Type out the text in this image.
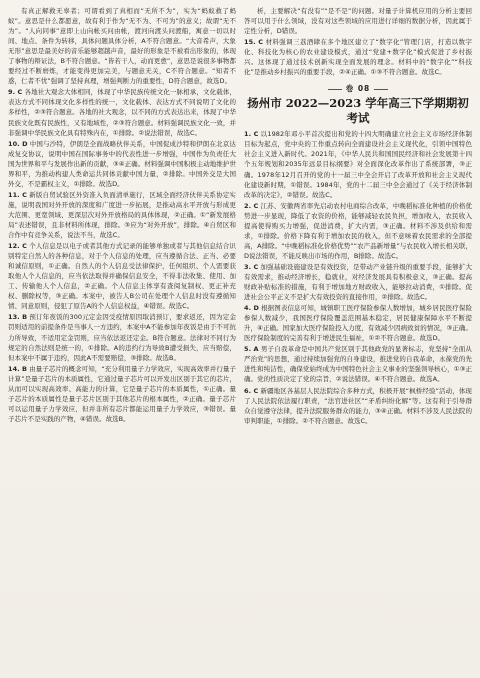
有真正解救无辜者；可谓看到了真相而“无所不为”，实为“蚂蚁救了蚂蚁”。意思是什么都愿意，故有利于作为“无不为、不可为”的意义；故谓“无不为”。“人向同事”意即上山向帐买问由帐，渡河向渡头问渡船，寓意一切以时间、地点、条件为转移，具体问题具体分析，A不符合题意。“大音希声，大象无形”意思是最美好的音乐能够超越声音，最好的形象是不被看出形象的，体现了事物的辩证法，B不符合题意。“皆若干人，动而更愈”，意思是说很多事物都要经过不断磨炼，才能变得更加完美，与题意无关，C不符合题意。“知者不惑，仁者不忧”强调了坚持真理，增强判断力的重要性，D符合题意，故选D。

9. C 各地社大观念大体相同，体现了中华民族传统文化一脉相承，文化载体，表达方式不同体现文化多样性的统一，文化载体、表达方式不同说明了文化的多样性，②③符合题意。各地的社大观念，以不同的方式表达出来，体现了中华民族文化既有民族性，又有地域性，②③符合题意。材料强调民族文化一致，并非强调中华民族文化具有特殊内在，①排除。②说法错误，故选C。

10. D 中国与沙特，伊朗是全面战略伙伴关系，中国促成沙特和伊朗在北京达成复交协议，说明中国在国际事务中的代表性进一步增强，中国作为负责任大国为世界和平与发展作出新的贡献，③④正确。材料强调中国积极主动地维护世界和平，为推动构建人类命运共同体贡献中国力量，②排除。中国外交是大国外交，不是霸权主义，①排除。故选D。

11. C 新版自贸试验区外资准入负面清单施行，区域全面经济伙伴关系协定实施，说明我国对外开放的深度和广度进一步拓展，是推动高水平开放与形成更大范围、更宽领域、更深层次对外开放格局的具体体现，②正确。①“新发展格局”表述错误，且非材料所体现，排除。③应为“对外开放”，排除。④自贸区和合作中有竞争关系，说法不当，故选C。

12. C 个人信息是以电子或者其他方式记录的能够单独或者与其他信息结合识别特定自然人的各种信息，对于个人信息的处理，应当遵循合法、正当、必要和诚信原则，①正确。自然人的个人信息受法律保护，任何组织、个人需要获取他人个人信息的，应当依法取得并确保信息安全，不得非法收集、使用、加工、传输他人个人信息，②正确。个人信息主体享有查阅复制权、更正补充权、删除权等，③正确。本案中，被告人B公司在处理个人信息时没有遵循知情、同意原则，侵犯了原告A的个人信息权益，④错误。故选C。

13. B 预订年夜饭的300元定金因受疫情原因取消预订，要求返还，因为定金罚则适用的前提条件是当事人一方违约，本案中A不能参加年夜饭是由于不可抗力所导致，不适用定金罚则，应当依法返还定金。B符合题意。法律对不同行为规定的自然法则是统一的，①排除。A的违约行为导致B遭受损失，应当赔偿，但本案中不属于违约，因此A不需要赔偿，③排除。故选B。

14. B 由量子芯片的概念可知，“充分利用量子力学效应，实现高效率并行量子计算”是量子芯片的本质属性，它通过量子芯片可以开发出区别于其它的芯片，从而可以实现高效率、高能力的计算，它是量子芯片的本质属性，①正确。量子芯片的本质属性是量子芯片区别于其他芯片的根本属性，②正确。量子芯片可以运用量子力学效应，但并非所有芯片都能运用量子力学效应，③错误。量子芯片不是实践的产物，④错误。故选B。

析，主要解决“有没有”“是不是”的问题。对量子计算机应用的分析主要回答可以用于什么领域，没有对这些领域的应用进行详细的数据分析，因此属于定性分析，D错误。

15. C 材料强调三荔酒肆在多个地区建立了“数字化”管理门店，打造以数字化、科技化为核心的农业建设模式，通过“党建+数字化”模式促进了乡村振兴。这体现了通过技术创新实现全面发展的理念。材料中的“数字化”“科技化”是推动乡村振兴的重要手段，②④正确。①③不符合题意。故选C。

卷 08
扬州市 2022—2023 学年高三下学期期初考试

1. C 以1982年邓小平首次提出和党的十四大明确建立社会主义市场经济体制目标为起点，党中央的工作重点转向全面建设社会主义现代化，引领中国特色社会主义进入新时代。2021年，《中华人民共和国国民经济和社会发展第十四个五年规划和2035年远景目标纲要》对全面深化改革作出了系统部署，③正确。1978年12月召开的党的十一届三中全会开启了改革开放和社会主义现代化建设新时期，①错误。1984年，党的十二届三中全会通过了《关于经济体制改革的决定》，②错误。故选C。

2. C 江苏、安徽两省率先启动农村电商综合改革，中晚稻标准化种植的价格优势进一步显现，降低了农资的价格，能够减轻农民负担，增加收入，农民收入提高使得购买力增强，促进消费，扩大内需，③正确。材料不涉及供给和需求，①排除。价格下降有利于增加农民的收入，但不意味着农民需求的全部提高，A排除。“中晚稻标准化价格优势”“农产品新增量”与农民收入增长相关联，D说法错误，不能反映出市场的作用，B排除。故选C。

3. C 加强基础设施建设是有效投资，是带动产业链升级的重要手段，能够扩大有效需求，推动经济增长，稳就业，对经济发展具有积极意义，③正确。提高财政补贴标准的措施，有利于增加地方财政收入，能够拉动消费，①排除。促进社会公平正义不是扩大有效投资的直接作用，②排除。故选C。

4. D 根据图表信息可知，城镇职工医疗保险参保人数增加，城乡居民医疗保险参保人数减少，我国医疗保险覆盖范围基本稳定，居民健康保障水平不断提升，④正确。国家加大医疗保险投入力度，有效减少因病致贫的情况，③正确。医疗保险制度的完善有利于增进民生福祉，①②不符合题意。故选D。

5. A 男子自我革命是中国共产党区别于其他政党的显著标志，党坚持“全面从严治党”的思想，通过持续加强党的自身建设，推进党的自我革命，永葆党的先进性和纯洁性，确保党始终成为中国特色社会主义事业的坚强领导核心，①③正确。党的性质决定了党的宗旨，②说法错误。④不符合题意。故选A。

6. C 新疆地区各基层人民法院综合多种方式，积极开展“枫桥经验”活动，体现了人民法院依法履行职责，“法官进社区”“矛盾纠纷化解”等。这有利于引导群众自觉遵守法律，提升法院服务群众的能力，③④正确。材料不涉及人民法院的审判职能，①排除。②不符合题意。故选C。
